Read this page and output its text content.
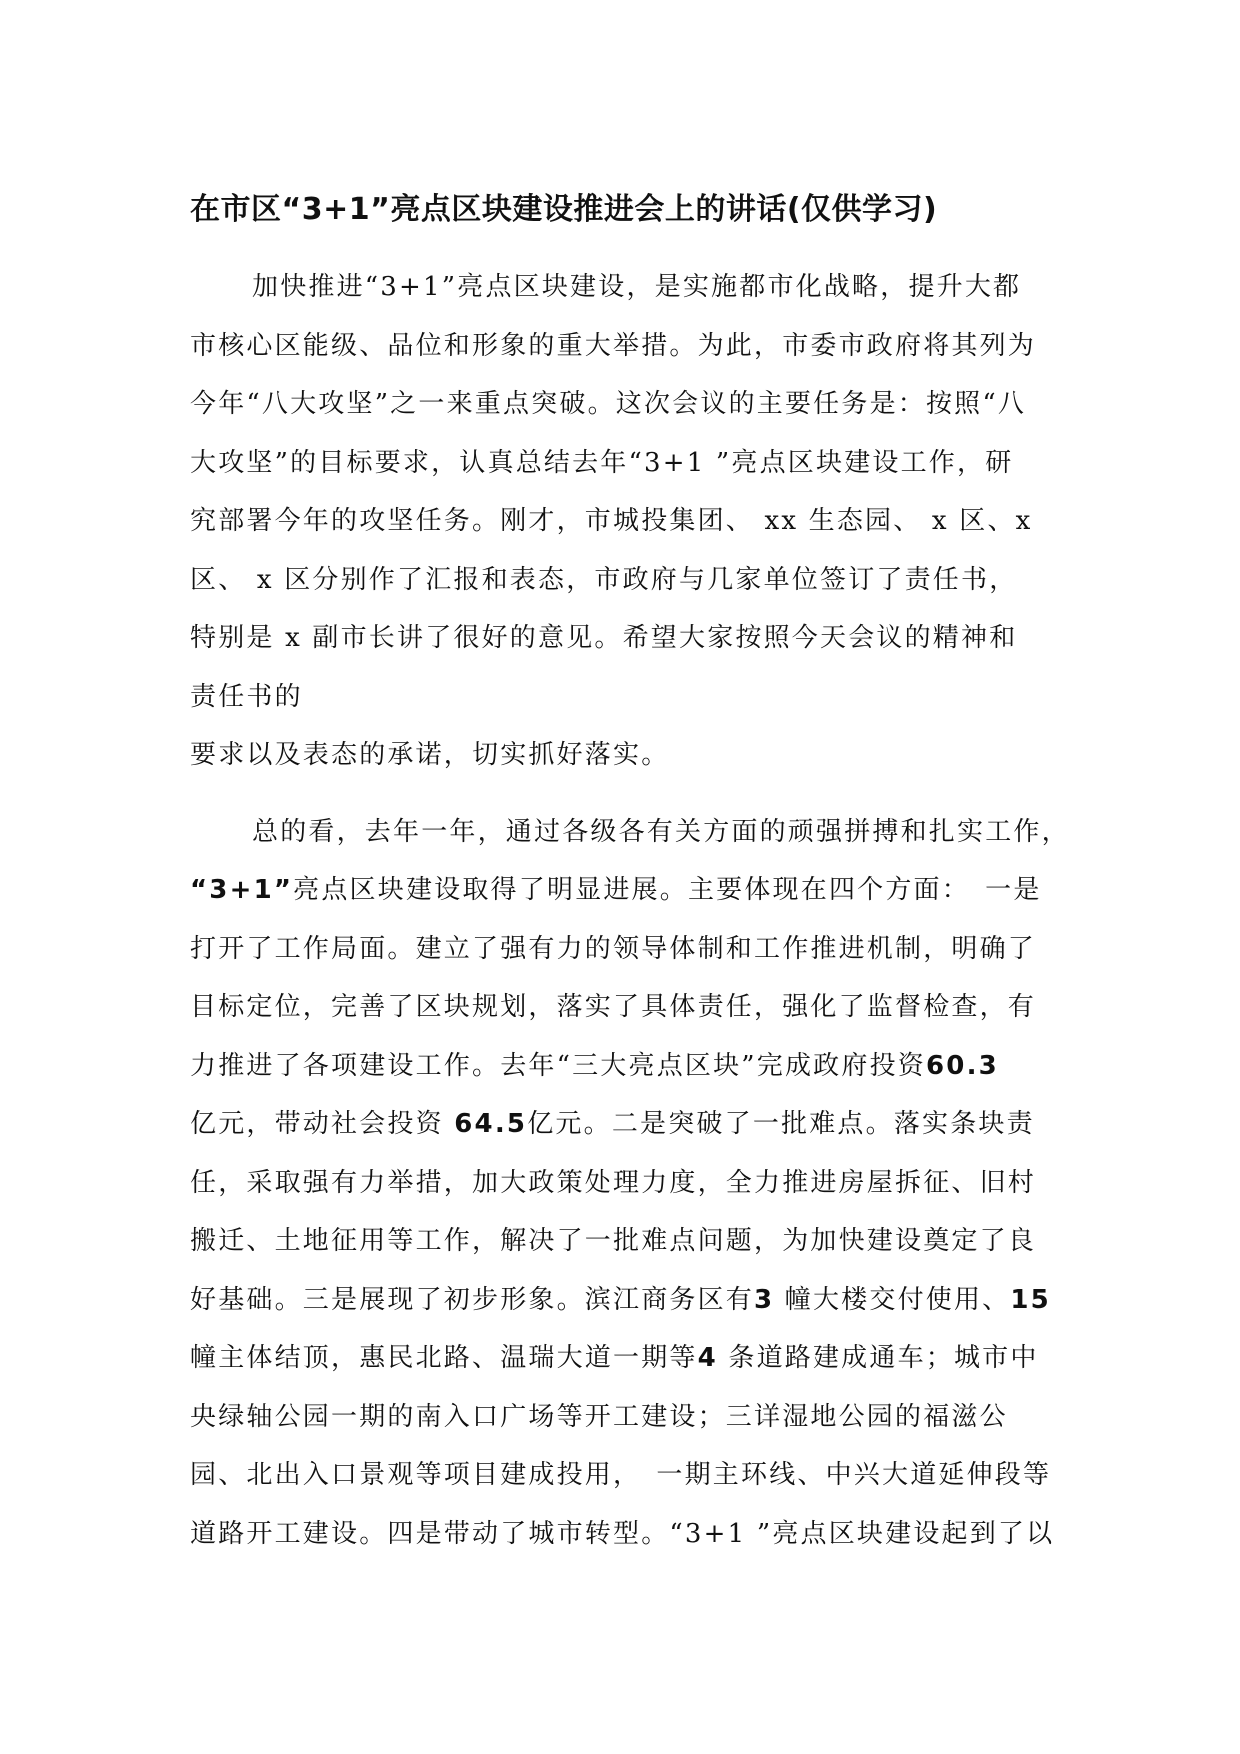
在市区“3+1”亮点区块建设推进会上的讲话(仅供学习)
加快推进“3+1”亮点区块建设，是实施都市化战略，提升大都
市核心区能级、品位和形象的重大举措。为此，市委市政府将其列为
今年“八大攻坚”之一来重点突破。这次会议的主要任务是：按照“八
大攻坚”的目标要求，认真总结去年“3+1 ”亮点区块建设工作，研
究部署今年的攻坚任务。刚才，市城投集团、 xx 生态园、 x 区、x
区、 x 区分别作了汇报和表态，市政府与几家单位签订了责任书，
特别是 x 副市长讲了很好的意见。希望大家按照今天会议的精神和
责任书的
要求以及表态的承诺，切实抓好落实。
总的看，去年一年，通过各级各有关方面的顽强拼搏和扎实工作，
“3+1”亮点区块建设取得了明显进展。主要体现在四个方面：　一是
打开了工作局面。建立了强有力的领导体制和工作推进机制，明确了
目标定位，完善了区块规划，落实了具体责任，强化了监督检查，有
力推进了各项建设工作。去年“三大亮点区块”完成政府投资60.3
亿元，带动社会投资 64.5亿元。二是突破了一批难点。落实条块责
任，采取强有力举措，加大政策处理力度，全力推进房屋拆征、旧村
搬迁、土地征用等工作，解决了一批难点问题，为加快建设奠定了良
好基础。三是展现了初步形象。滨江商务区有3 幢大楼交付使用、15
幢主体结顶，惠民北路、温瑞大道一期等4 条道路建成通车；城市中
央绿轴公园一期的南入口广场等开工建设；三详湿地公园的福滋公
园、北出入口景观等项目建成投用，　一期主环线、中兴大道延伸段等
道路开工建设。四是带动了城市转型。“3+1 ”亮点区块建设起到了以
